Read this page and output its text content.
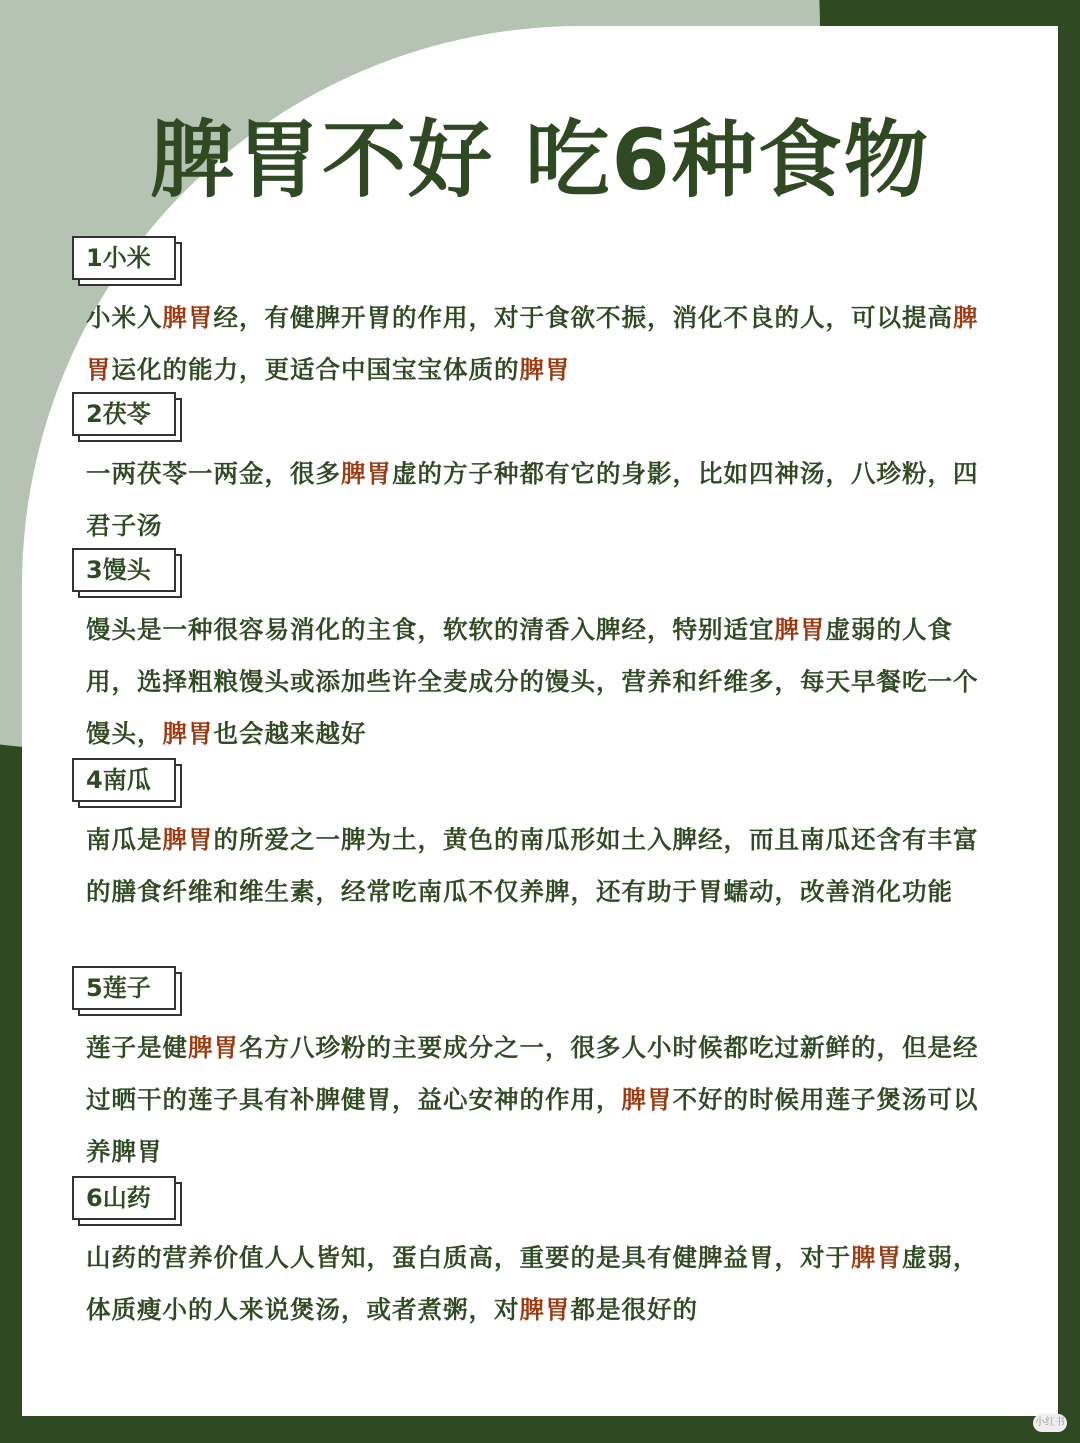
脾胃不好 吃6种食物
1小米
小米入脾胃经，有健脾开胃的作用，对于食欲不振，消化不良的人，可以提高脾胃运化的能力，更适合中国宝宝体质的脾胃
2茯苓
一两茯苓一两金，很多脾胃虚的方子种都有它的身影，比如四神汤，八珍粉，四君子汤
3馒头
馒头是一种很容易消化的主食，软软的清香入脾经，特别适宜脾胃虚弱的人食用，选择粗粮馒头或添加些许全麦成分的馒头，营养和纤维多，每天早餐吃一个馒头，脾胃也会越来越好
4南瓜
南瓜是脾胃的所爱之一脾为土，黄色的南瓜形如土入脾经，而且南瓜还含有丰富的膳食纤维和维生素，经常吃南瓜不仅养脾，还有助于胃蠕动，改善消化功能
5莲子
莲子是健脾胃名方八珍粉的主要成分之一，很多人小时候都吃过新鲜的，但是经过晒干的莲子具有补脾健胃，益心安神的作用，脾胃不好的时候用莲子煲汤可以养脾胃
6山药
山药的营养价值人人皆知，蛋白质高，重要的是具有健脾益胃，对于脾胃虚弱，体质瘦小的人来说煲汤，或者煮粥，对脾胃都是很好的
小红书
